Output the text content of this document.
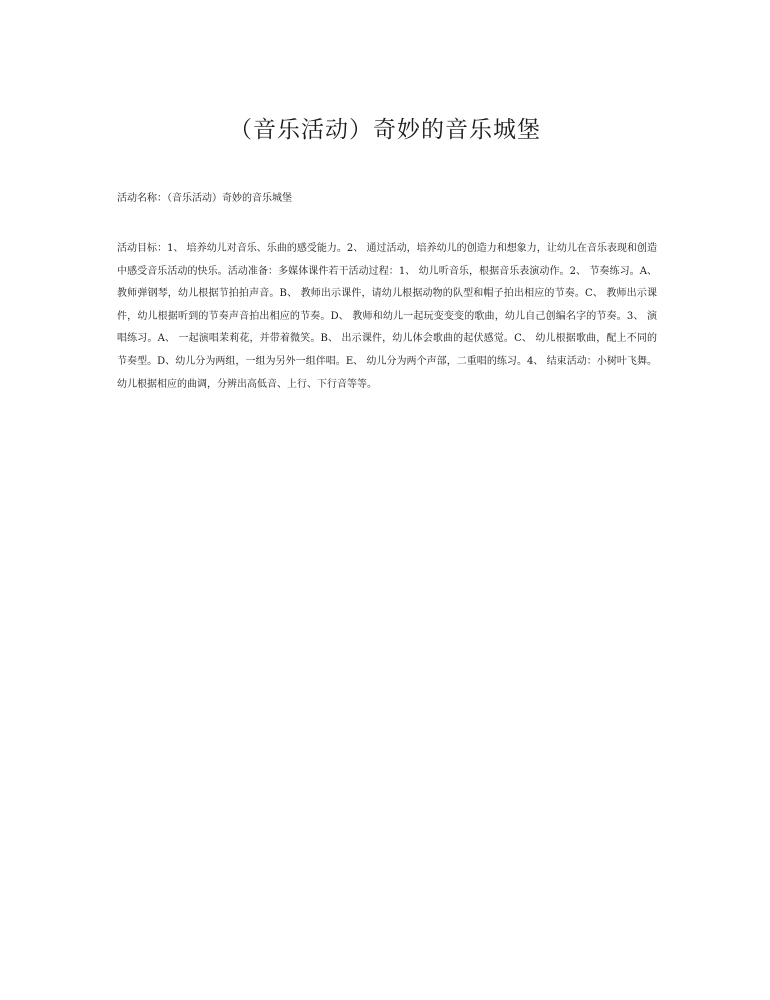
（音乐活动）奇妙的音乐城堡

活动名称：（音乐活动）奇妙的音乐城堡

活动目标：1、 培养幼儿对音乐、乐曲的感受能力。2、 通过活动，培养幼儿的创造力和想象力，让幼儿在音乐表现和创造中感受音乐活动的快乐。活动准备：多媒体课件若干活动过程：1、 幼儿听音乐，根据音乐表演动作。2、 节奏练习。A、 教师弹钢琴，幼儿根据节拍拍声音。B、 教师出示课件，请幼儿根据动物的队型和帽子拍出相应的节奏。C、 教师出示课件，幼儿根据听到的节奏声音拍出相应的节奏。D、 教师和幼儿一起玩变变变的歌曲，幼儿自己创编名字的节奏。3、 演唱练习。A、 一起演唱茉莉花，并带着微笑。B、 出示课件，幼儿体会歌曲的起伏感觉。C、 幼儿根据歌曲，配上不同的节奏型。D、幼儿分为两组，一组为另外一组伴唱。E、 幼儿分为两个声部，二重唱的练习。4、 结束活动：小树叶飞舞。幼儿根据相应的曲调，分辨出高低音、上行、下行音等等。
